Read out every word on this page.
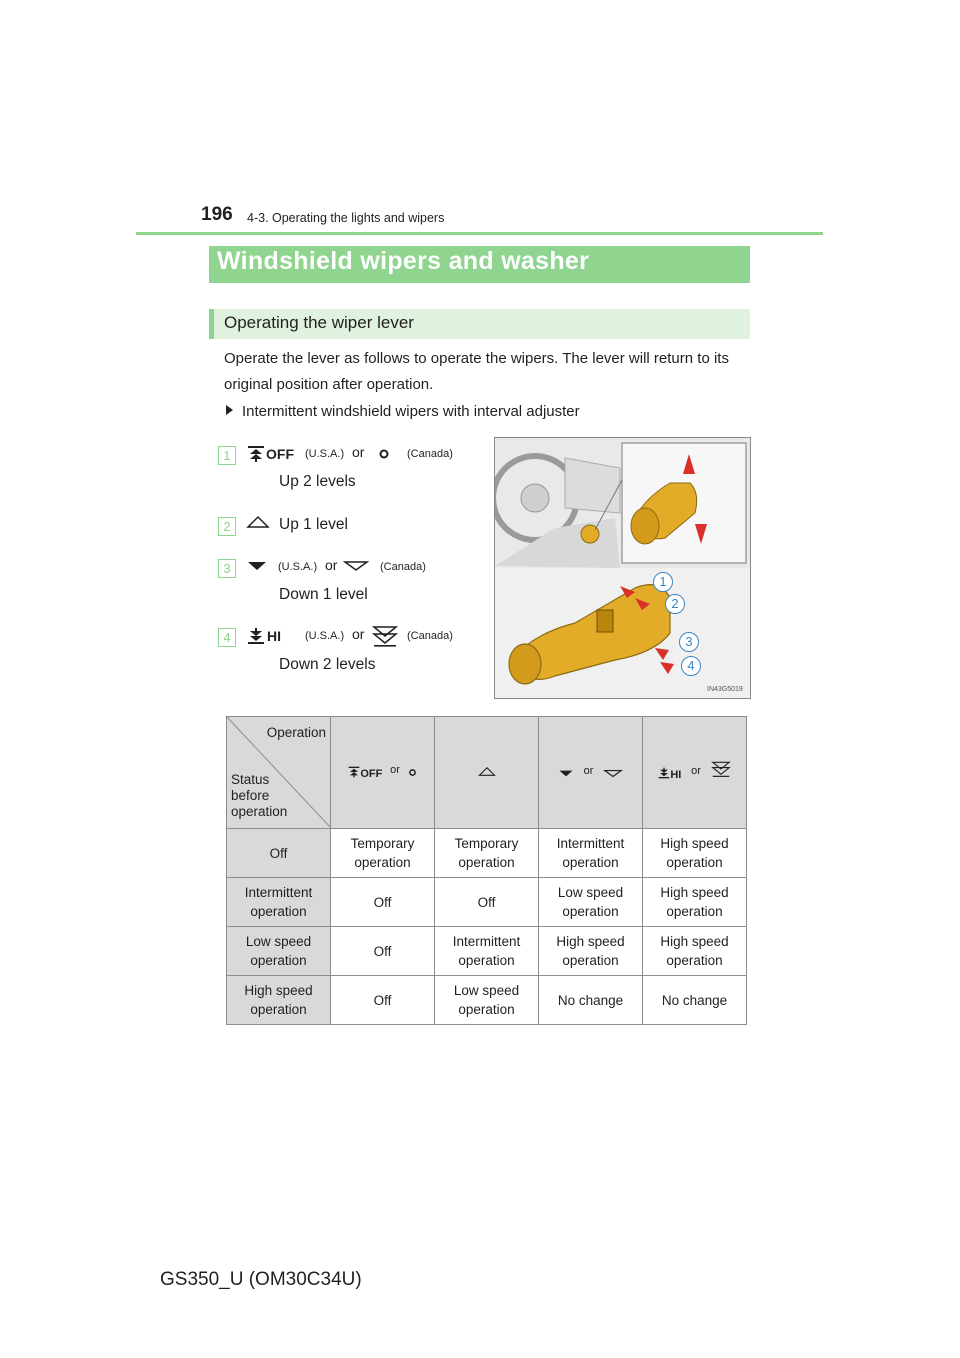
196 4-3. Operating the lights and wipers
Windshield wipers and washer
Operating the wiper lever
Operate the lever as follows to operate the wipers. The lever will return to its original position after operation.
Intermittent windshield wipers with interval adjuster
1	OFF (U.S.A.) or	(Canada)
Up 2 levels
2	Up 1 level
3	(U.S.A.) or	(Canada)
Down 1 level
4	HI (U.S.A.) or	(Canada)
Down 2 levels
1
2
3
4
IN43G5019
Operation
Status before operation	OFF $^{or}$		$^{or}$	HI $^{or}$
Off	Temporary operation	Temporary operation	Intermittent operation	High speed operation
Intermittent operation	Off	Off	Low speed operation	High speed operation
Low speed operation	Off	Intermittent operation	High speed operation	High speed operation
High speed operation	Off	Low speed operation	No change	No change
GS350_U (OM30C34U)
